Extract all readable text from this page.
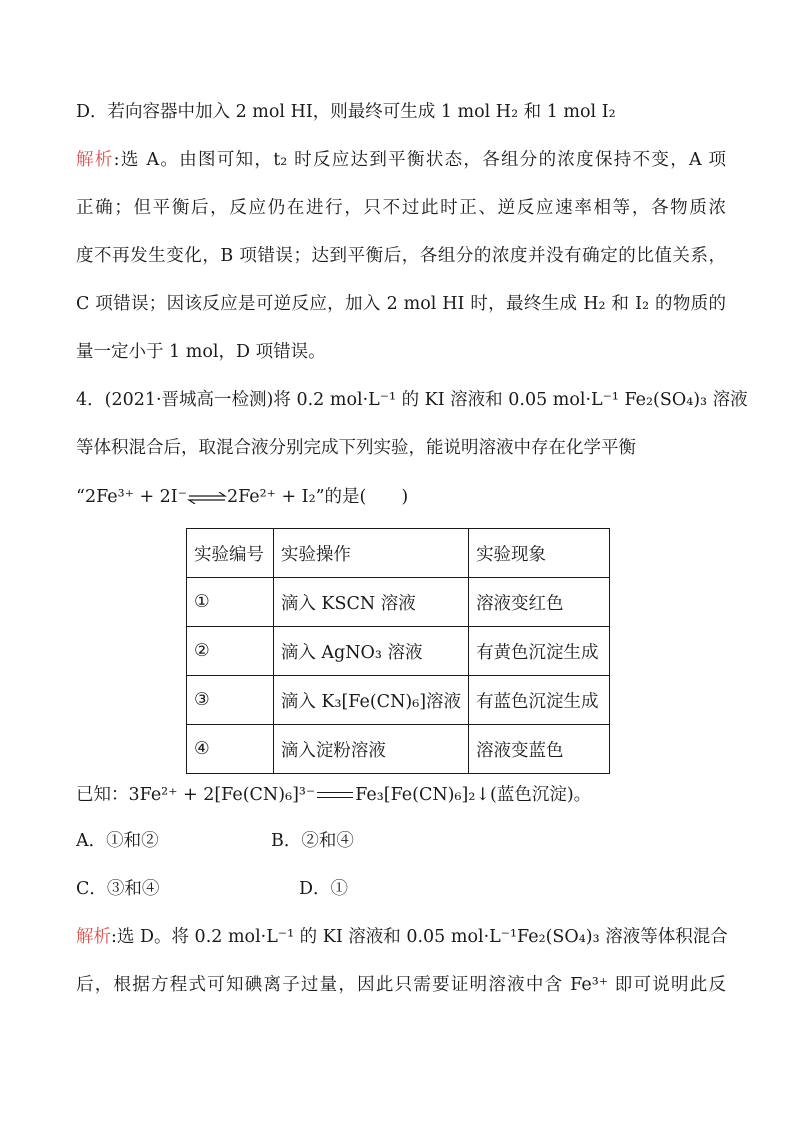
D．若向容器中加入 2 mol HI，则最终可生成 1 mol H₂ 和 1 mol I₂
解析:选 A。由图可知，t₂ 时反应达到平衡状态，各组分的浓度保持不变，A 项
正确；但平衡后，反应仍在进行，只不过此时正、逆反应速率相等，各物质浓
度不再发生变化，B 项错误；达到平衡后，各组分的浓度并没有确定的比值关系，
C 项错误；因该反应是可逆反应，加入 2 mol HI 时，最终生成 H₂ 和 I₂ 的物质的
量一定小于 1 mol，D 项错误。
4．(2021·晋城高一检测)将 0.2 mol·L⁻¹ 的 KI 溶液和 0.05 mol·L⁻¹ Fe₂(SO₄)₃ 溶液
等体积混合后，取混合液分别完成下列实验，能说明溶液中存在化学平衡
“2Fe³⁺ + 2I⁻⇌2Fe²⁺ + I₂”的是(　　)
实验编号	实验操作	实验现象
①	滴入 KSCN 溶液	溶液变红色
②	滴入 AgNO₃ 溶液	有黄色沉淀生成
③	滴入 K₃[Fe(CN)₆]溶液	有蓝色沉淀生成
④	滴入淀粉溶液	溶液变蓝色
已知：3Fe²⁺ + 2[Fe(CN)₆]³⁻ Fe₃[Fe(CN)₆]₂↓(蓝色沉淀)。
A．①和②	B．②和④
C．③和④	D．①
解析:选 D。将 0.2 mol·L⁻¹ 的 KI 溶液和 0.05 mol·L⁻¹Fe₂(SO₄)₃ 溶液等体积混合
后，根据方程式可知碘离子过量，因此只需要证明溶液中含 Fe³⁺ 即可说明此反
